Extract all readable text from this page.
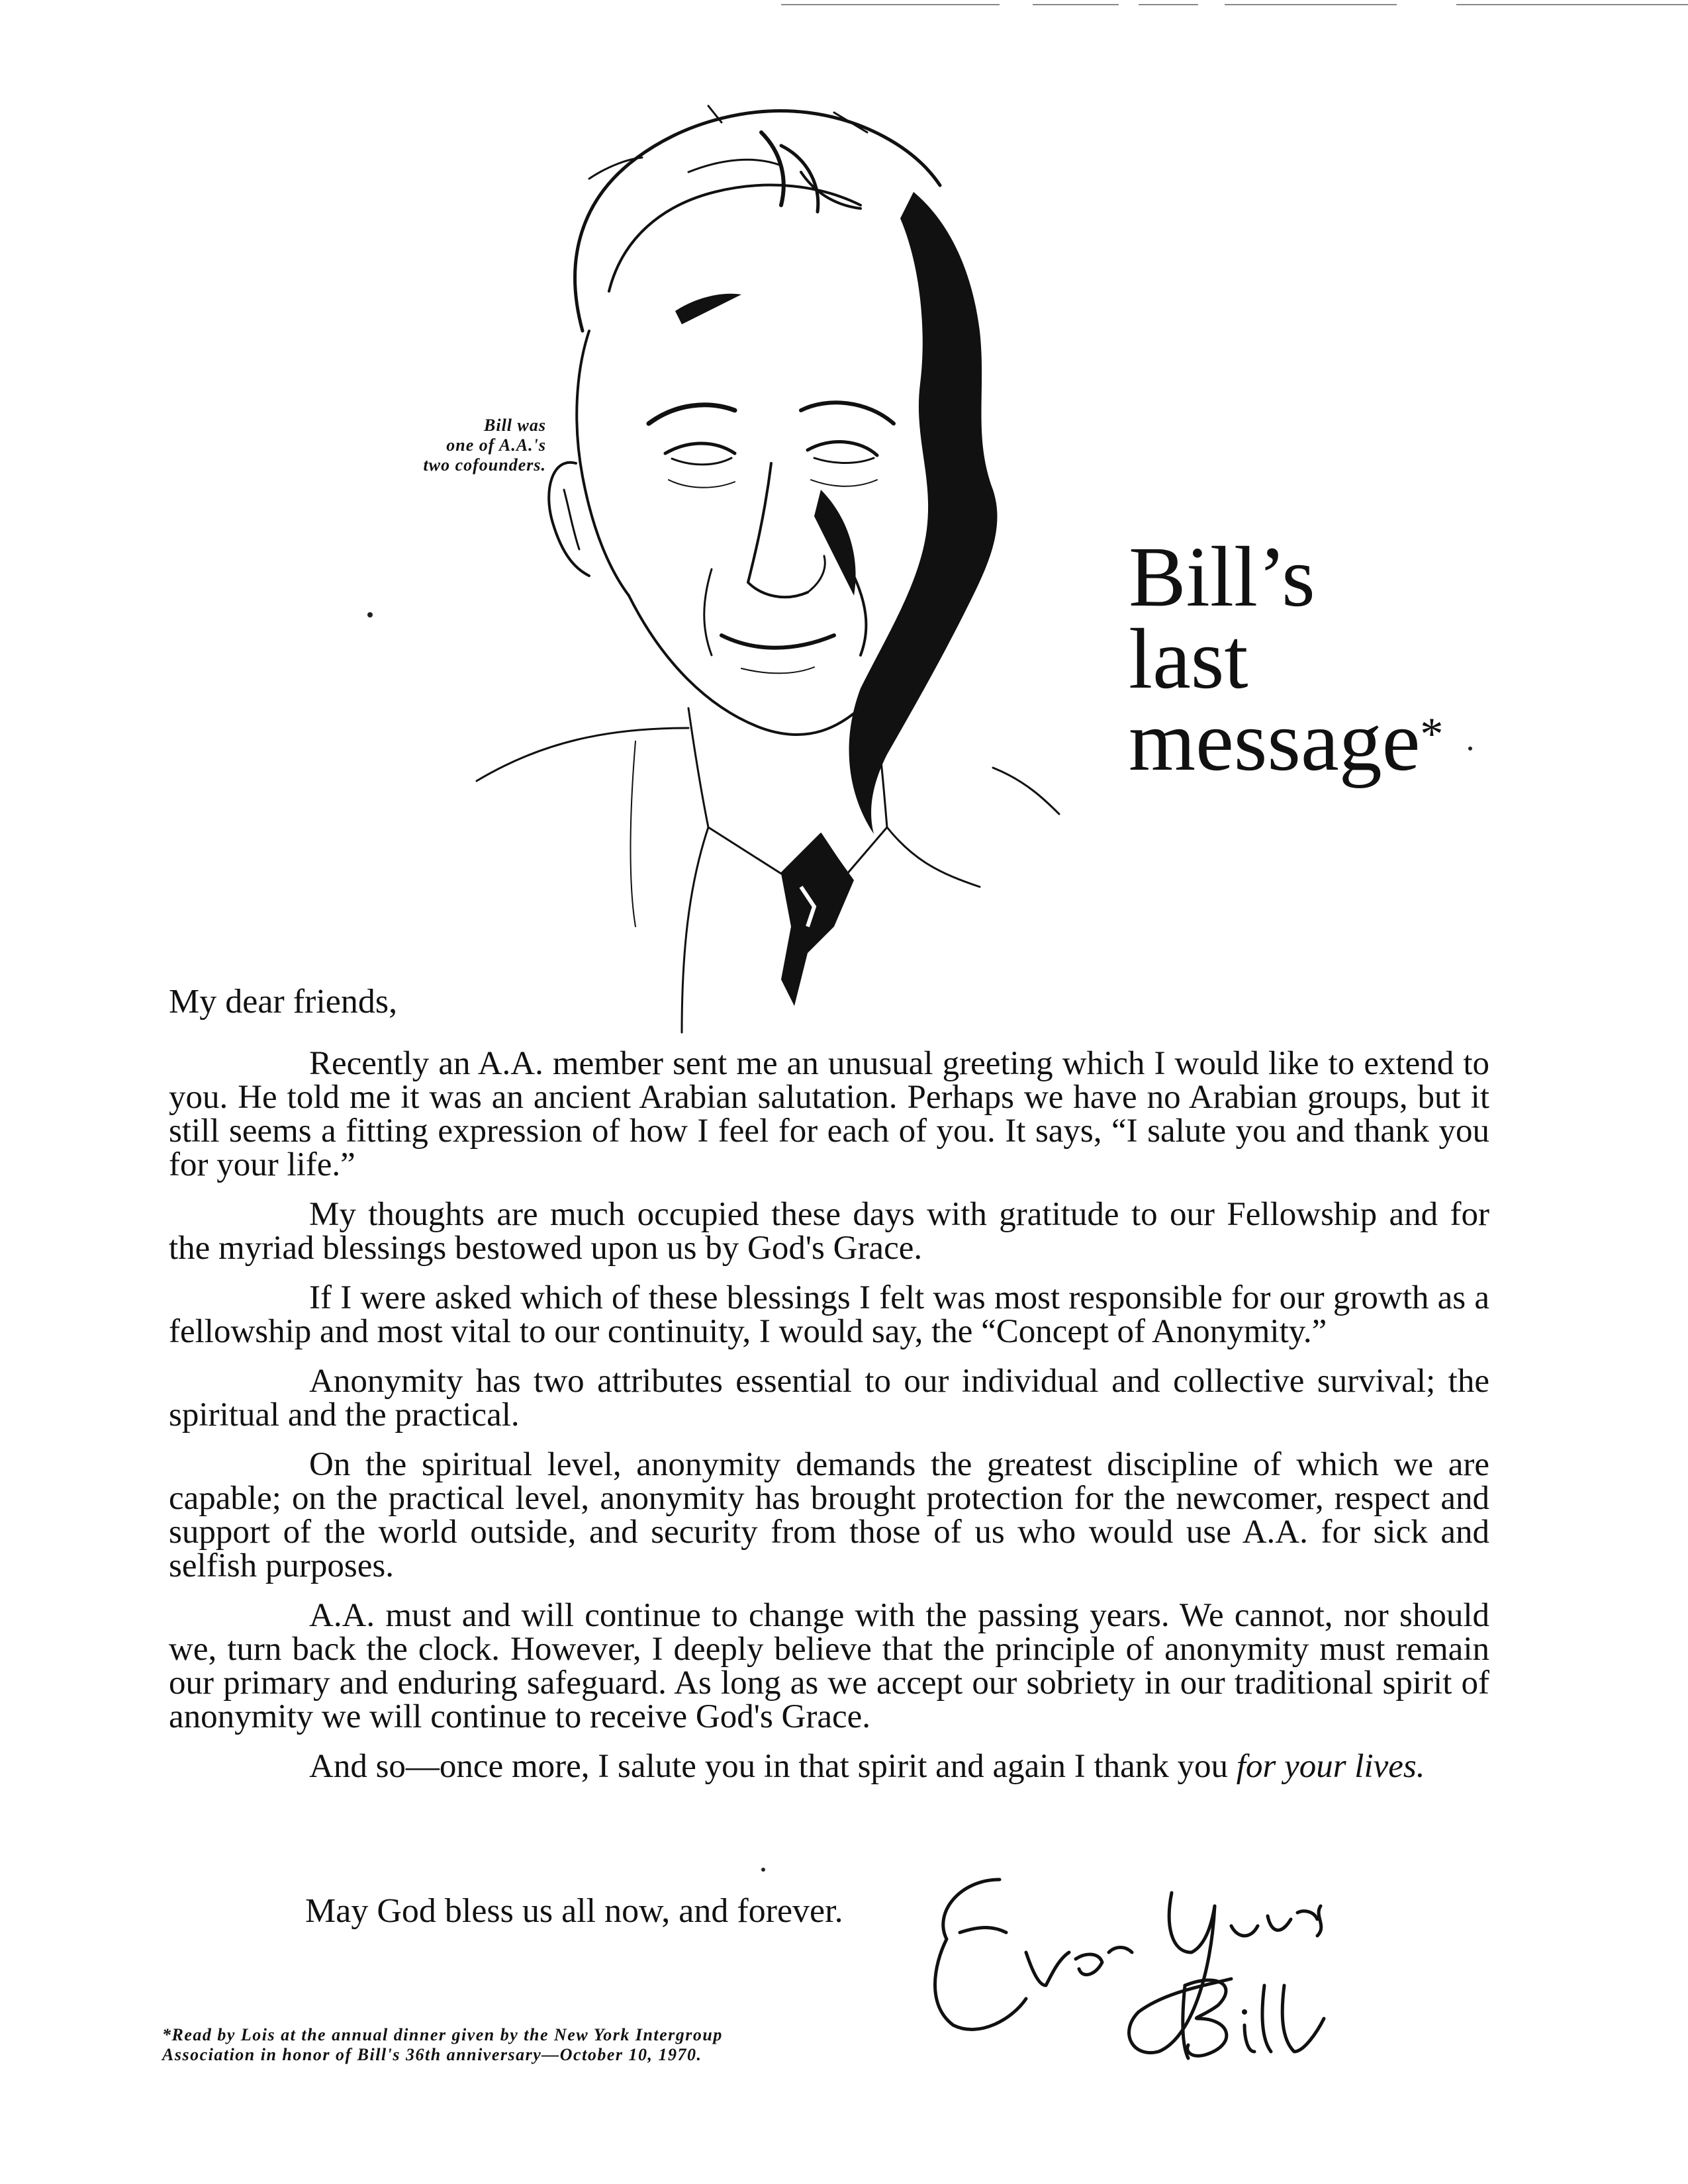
Bill was
one of A.A.'s
two cofounders.
Bill’s
last
message*
My dear friends,

Recently an A.A. member sent me an unusual greeting which I would like to extend to you. He told me it was an ancient Arabian salutation. Perhaps we have no Arabian groups, but it still seems a fitting expression of how I feel for each of you. It says, “I salute you and thank you for your life.”

My thoughts are much occupied these days with gratitude to our Fellowship and for the myriad blessings bestowed upon us by God's Grace.

If I were asked which of these blessings I felt was most responsible for our growth as a fellowship and most vital to our continuity, I would say, the “Concept of Anonymity.”

Anonymity has two attributes essential to our individual and collective survival; the spiritual and the practical.

On the spiritual level, anonymity demands the greatest discipline of which we are capable; on the practical level, anonymity has brought protection for the newcomer, respect and support of the world outside, and security from those of us who would use A.A. for sick and selfish purposes.

A.A. must and will continue to change with the passing years. We cannot, nor should we, turn back the clock. However, I deeply believe that the principle of anonymity must remain our primary and enduring safeguard. As long as we accept our sobriety in our traditional spirit of anonymity we will continue to receive God's Grace.

And so—once more, I salute you in that spirit and again I thank you for your lives.

May God bless us all now, and forever.
*Read by Lois at the annual dinner given by the New York Intergroup
Association in honor of Bill's 36th anniversary—October 10, 1970.
